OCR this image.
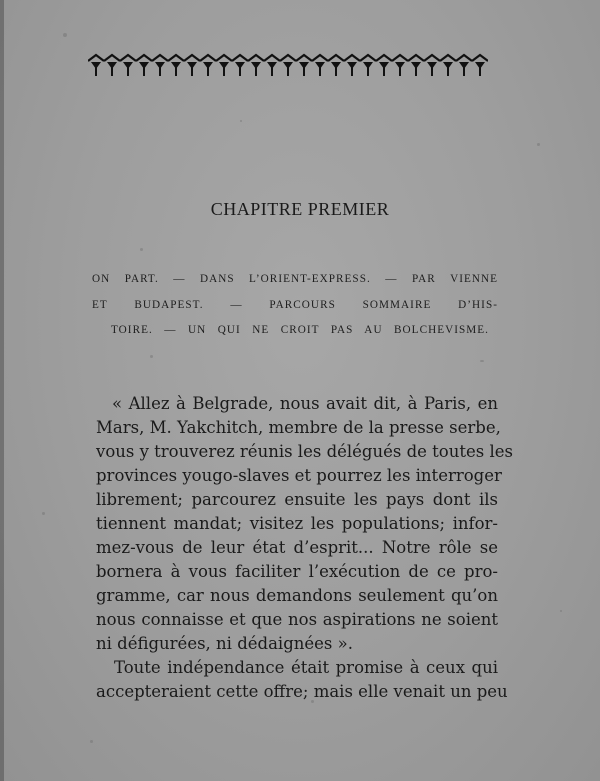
CHAPITRE PREMIER
ON PART. — DANS L’ORIENT-EXPRESS. — PAR VIENNE
ET BUDAPEST. — PARCOURS SOMMAIRE D’HIS-
TOIRE. — UN QUI NE CROIT PAS AU BOLCHEVISME.
« Allez à Belgrade, nous avait dit, à Paris, en
Mars, M. Yakchitch, membre de la presse serbe,
vous y trouverez réunis les délégués de toutes les
provinces yougo-slaves et pourrez les interroger
librement; parcourez ensuite les pays dont ils
tiennent mandat; visitez les populations; infor-
mez-vous de leur état d’esprit... Notre rôle se
bornera à vous faciliter l’exécution de ce pro-
gramme, car nous demandons seulement qu’on
nous connaisse et que nos aspirations ne soient
ni défigurées, ni dédaignées ».
Toute indépendance était promise à ceux qui
accepteraient cette offre; mais elle venait un peu
